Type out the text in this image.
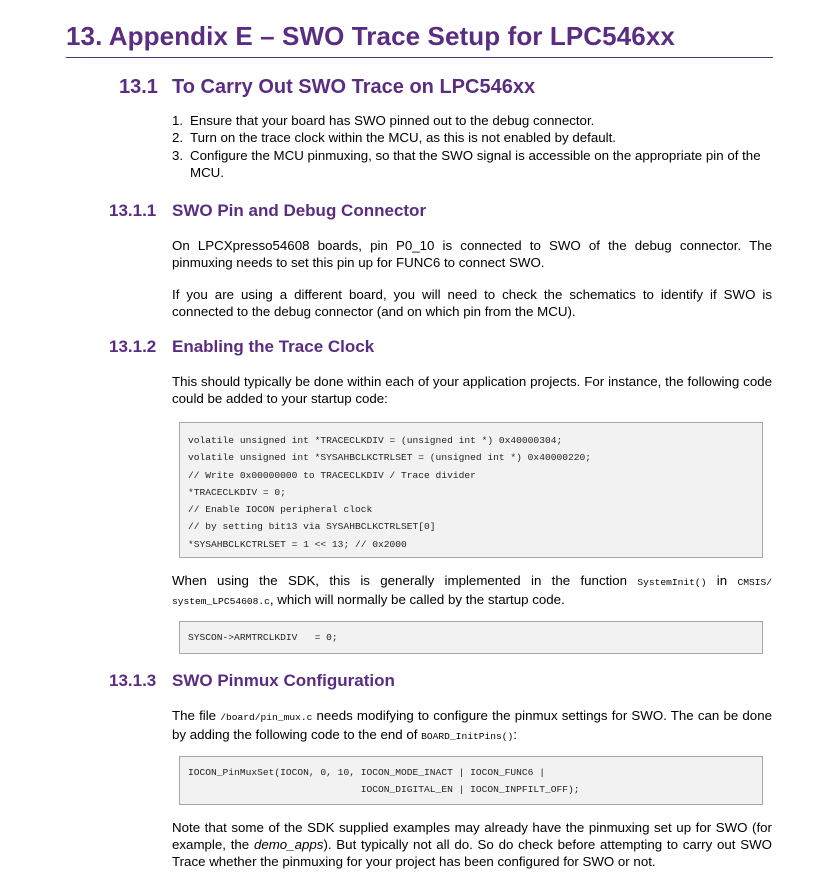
13. Appendix E – SWO Trace Setup for LPC546xx
13.1 To Carry Out SWO Trace on LPC546xx
1. Ensure that your board has SWO pinned out to the debug connector.
2. Turn on the trace clock within the MCU, as this is not enabled by default.
3. Configure the MCU pinmuxing, so that the SWO signal is accessible on the appropriate pin of the MCU.
13.1.1 SWO Pin and Debug Connector
On LPCXpresso54608 boards, pin P0_10 is connected to SWO of the debug connector. The pinmuxing needs to set this pin up for FUNC6 to connect SWO.
If you are using a different board, you will need to check the schematics to identify if SWO is connected to the debug connector (and on which pin from the MCU).
13.1.2 Enabling the Trace Clock
This should typically be done within each of your application projects. For instance, the following code could be added to your startup code:
volatile unsigned int *TRACECLKDIV = (unsigned int *) 0x40000304;
volatile unsigned int *SYSAHBCLKCTRLSET = (unsigned int *) 0x40000220;
// Write 0x00000000 to TRACECLKDIV / Trace divider
*TRACECLKDIV = 0;
// Enable IOCON peripheral clock
// by setting bit13 via SYSAHBCLKCTRLSET[0]
*SYSAHBCLKCTRLSET = 1 << 13; // 0x2000
When using the SDK, this is generally implemented in the function SystemInit() in CMSIS/ system_LPC54608.c, which will normally be called by the startup code.
SYSCON->ARMTRCLKDIV   = 0;
13.1.3 SWO Pinmux Configuration
The file /board/pin_mux.c needs modifying to configure the pinmux settings for SWO. The can be done by adding the following code to the end of BOARD_InitPins():
IOCON_PinMuxSet(IOCON, 0, 10, IOCON_MODE_INACT | IOCON_FUNC6 |
IOCON_DIGITAL_EN | IOCON_INPFILT_OFF);
Note that some of the SDK supplied examples may already have the pinmuxing set up for SWO (for example, the demo_apps). But typically not all do. So do check before attempting to carry out SWO Trace whether the pinmuxing for your project has been configured for SWO or not.
